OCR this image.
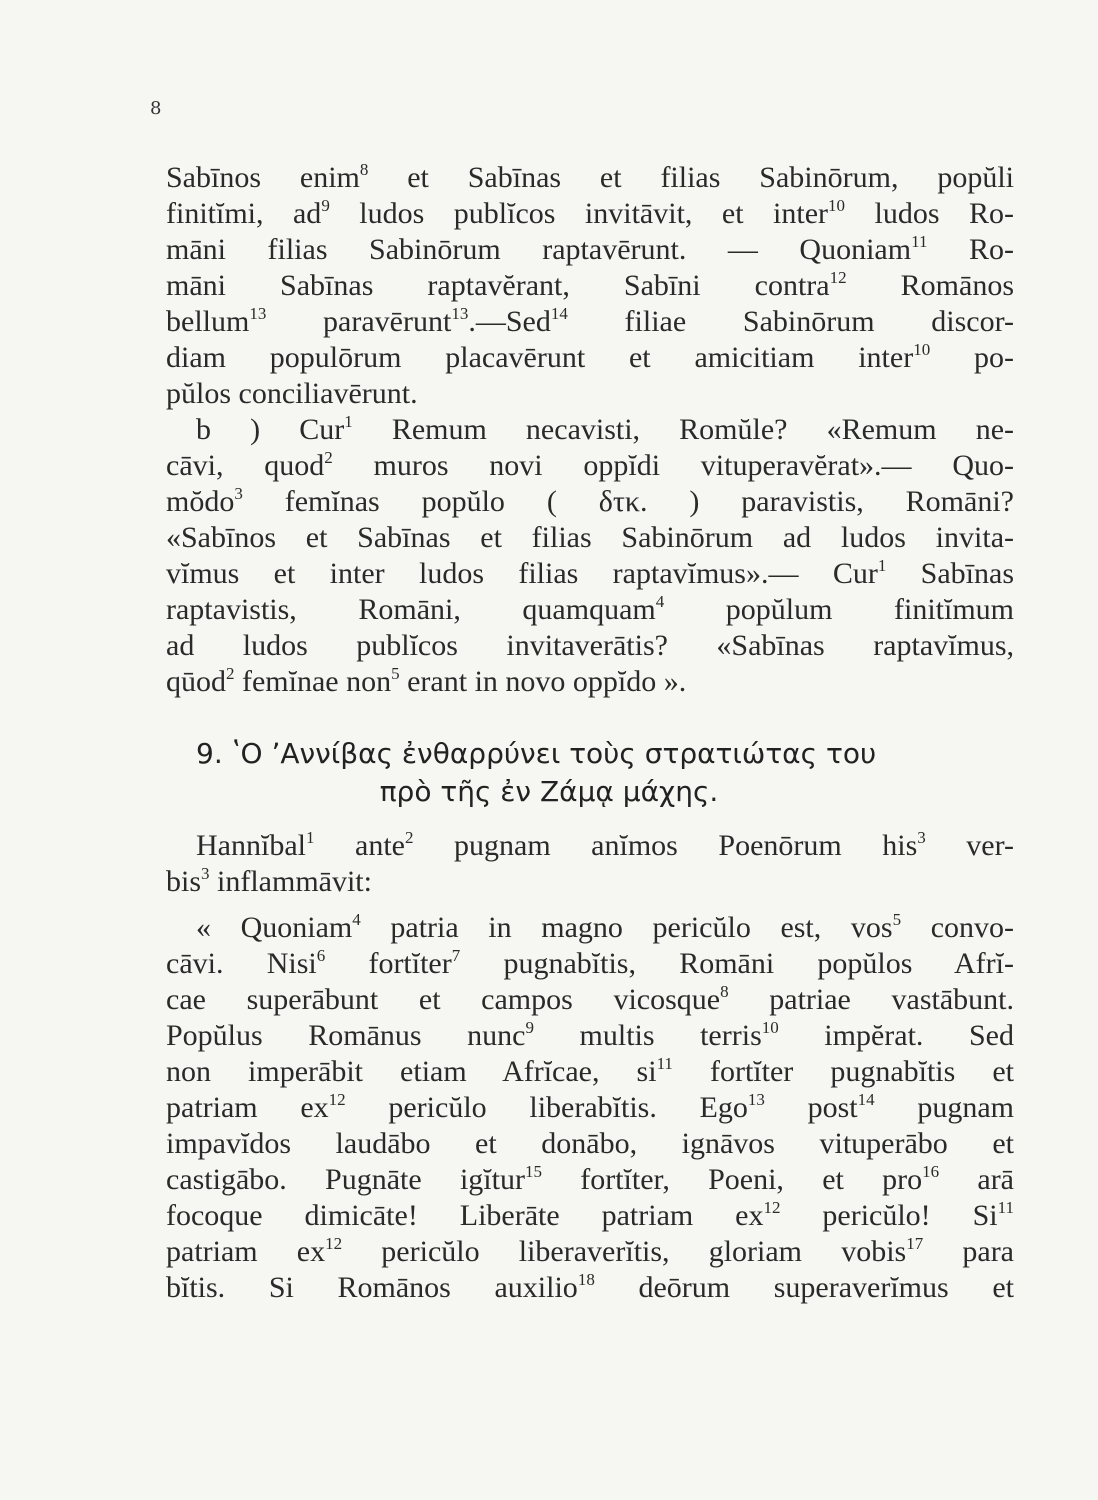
8
Sabīnos enim$^8$ et Sabīnas et filias Sabinōrum, popŭli
finitĭmi, $ad^9$ ludos publĭcos invitāvit, et inter$^{10}$ ludos Ro-
māni filias Sabinōrum raptavērunt. — Quoniam$^{11}$ Ro-
māni Sabīnas raptavĕrant, Sabīni contra$^{12}$ Romānos
bellum$^{13}$ paravērunt$^{13}$.—Sed$^{14}$ filiae Sabinōrum discor-
diam populōrum placavērunt et amicitiam inter$^{10}$ po-
pŭlos conciliavērunt.
b ) Cur$^1$ Remum necavisti, Romŭle? «Remum ne-
cāvi, quod$^2$ muros novi oppĭdi vituperavĕrat».— Quo-
mŏdo$^3$ femĭnas popŭlo ( δτκ. ) paravistis, Romāni?
«Sabīnos et Sabīnas et filias Sabinōrum ad ludos invita-
vĭmus et inter ludos filias raptavĭmus».— Cur$^1$ Sabīnas
raptavistis, Romāni, quamquam$^4$ popŭlum finitĭmum
ad ludos publĭcos invitaverātis? «Sabīnas raptavĭmus,
qūod$^2$ femĭnae non$^5$ erant in novo oppĭdo ».
9. ʽΟ ʼΑννίβας ἐνθαρρύνει τοὺς στρατιώτας του
πρὸ τῆς ἐν Ζάμᾳ μάχης.
Hannĭbal$^1$ ante$^2$ pugnam anĭmos Poenōrum his$^3$ ver-
bis$^3$ inflammāvit:
« Quoniam$^4$ patria in magno pericŭlo est, vos$^5$ convo-
cāvi. Nisi$^6$ fortĭter$^7$ pugnabĭtis, Romāni popŭlos Afrĭ-
cae superābunt et campos vicosque$^8$ patriae vastābunt.
Popŭlus Romānus nunc$^9$ multis terris$^{10}$ impĕrat. Sed
non imperābit etiam Afrĭcae, $si^{11}$ fortĭter pugnabĭtis et
patriam $ex^{12}$ pericŭlo liberabĭtis. Ego$^{13}$ post$^{14}$ pugnam
impavĭdos laudābo et donābo, ignāvos vituperābo et
castigābo. Pugnāte igĭtur$^{15}$ fortĭter, Poeni, et pro$^{16}$ arā
focoque dimicāte! Liberāte patriam $ex^{12}$ pericŭlo! Si$^{11}$
patriam $ex^{12}$ pericŭlo liberaverĭtis, gloriam vobis$^{17}$ para
bĭtis. Si Romānos auxilio$^{18}$ deōrum superaverĭmus et
